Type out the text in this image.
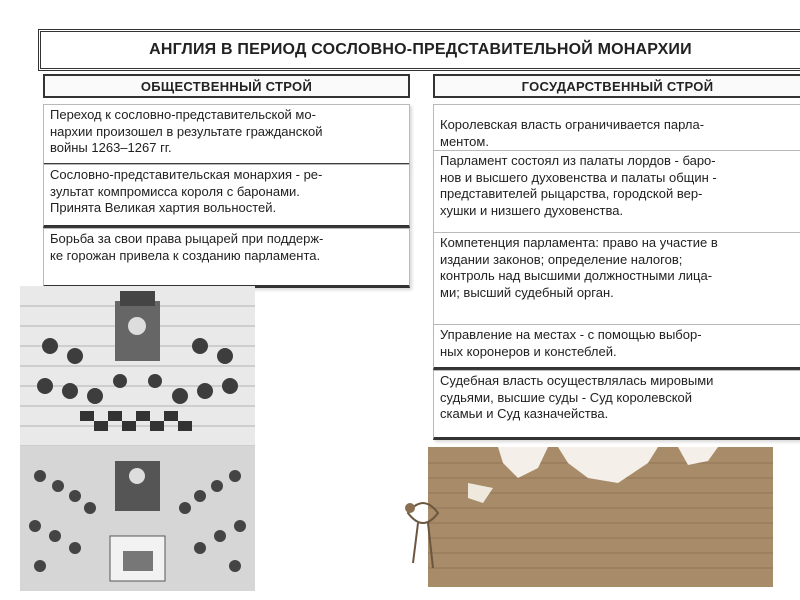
АНГЛИЯ В ПЕРИОД СОСЛОВНО-ПРЕДСТАВИТЕЛЬНОЙ МОНАРХИИ
ОБЩЕСТВЕННЫЙ СТРОЙ	ГОСУДАРСТВЕННЫЙ СТРОЙ
Переход к сословно-представительской мо-
нархии произошел в результате гражданской
войны 1263–1267 гг.
Сословно-представительская монархия - ре-
зультат компромисса короля с баронами.
Принята Великая хартия вольностей.
Борьба за свои права рыцарей при поддерж-
ке горожан привела к созданию парламента.
Королевская власть ограничивается парла-
ментом.
Парламент состоял из палаты лордов - баро-
нов и высшего духовенства и палаты общин -
представителей рыцарства, городской вер-
хушки и низшего духовенства.
Компетенция парламента: право на участие в
издании законов; определение налогов;
контроль над высшими должностными лица-
ми; высший судебный орган.
Управление на местах - с помощью выбор-
ных коронеров и констеблей.
Судебная власть осуществлялась мировыми
судьями, высшие суды - Суд королевской
скамьи и Суд казначейства.
